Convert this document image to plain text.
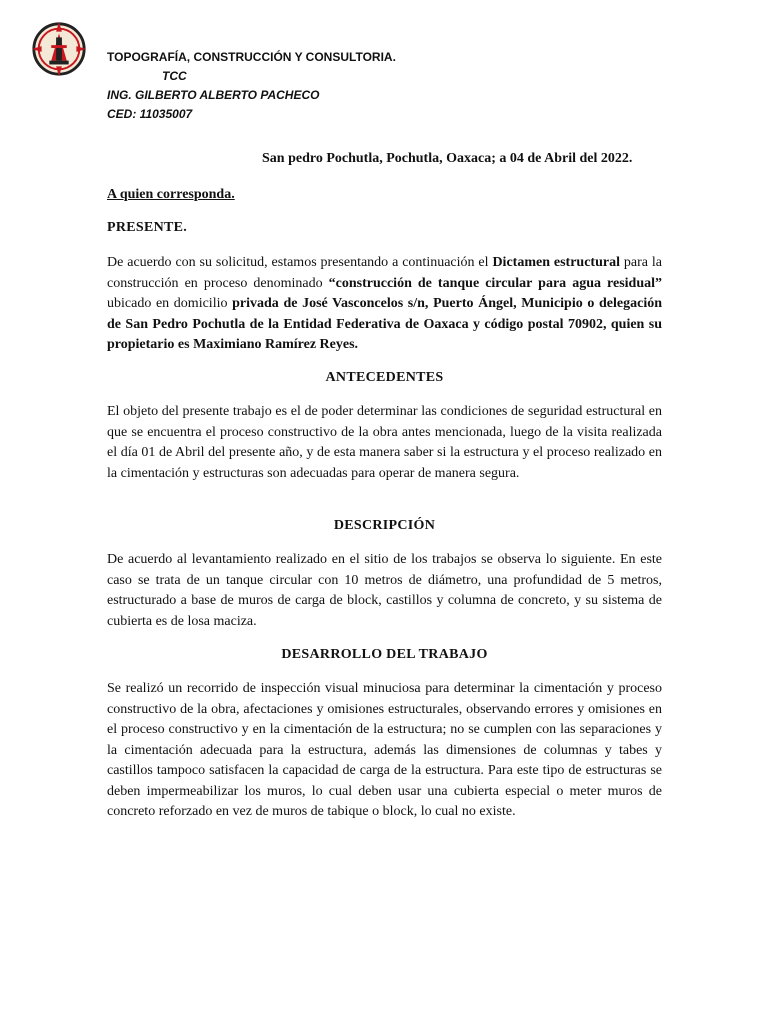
TOPOGRAFÍA, CONSTRUCCIÓN Y CONSULTORIA.
TCC
ING. GILBERTO ALBERTO PACHECO
CED: 11035007
San pedro Pochutla, Pochutla, Oaxaca; a 04 de Abril del 2022.
A quien corresponda.
PRESENTE.

De acuerdo con su solicitud, estamos presentando a continuación el Dictamen estructural para la construcción en proceso denominado “construcción de tanque circular para agua residual” ubicado en domicilio privada de José Vasconcelos s/n, Puerto Ángel, Municipio o delegación de San Pedro Pochutla de la Entidad Federativa de Oaxaca y código postal 70902, quien su propietario es Maximiano Ramírez Reyes.

ANTECEDENTES

El objeto del presente trabajo es el de poder determinar las condiciones de seguridad estructural en que se encuentra el proceso constructivo de la obra antes mencionada, luego de la visita realizada el día 01 de Abril del presente año, y de esta manera saber si la estructura y el proceso realizado en la cimentación y estructuras son adecuadas para operar de manera segura.

DESCRIPCIÓN

De acuerdo al levantamiento realizado en el sitio de los trabajos se observa lo siguiente. En este caso se trata de un tanque circular con 10 metros de diámetro, una profundidad de 5 metros, estructurado a base de muros de carga de block, castillos y columna de concreto, y su sistema de cubierta es de losa maciza.

DESARROLLO DEL TRABAJO

Se realizó un recorrido de inspección visual minuciosa para determinar la cimentación y proceso constructivo de la obra, afectaciones y omisiones estructurales, observando errores y omisiones en el proceso constructivo y en la cimentación de la estructura; no se cumplen con las separaciones y la cimentación adecuada para la estructura, además las dimensiones de columnas y tabes y castillos tampoco satisfacen la capacidad de carga de la estructura. Para este tipo de estructuras se deben impermeabilizar los muros, lo cual deben usar una cubierta especial o meter muros de concreto reforzado en vez de muros de tabique o block, lo cual no existe.
